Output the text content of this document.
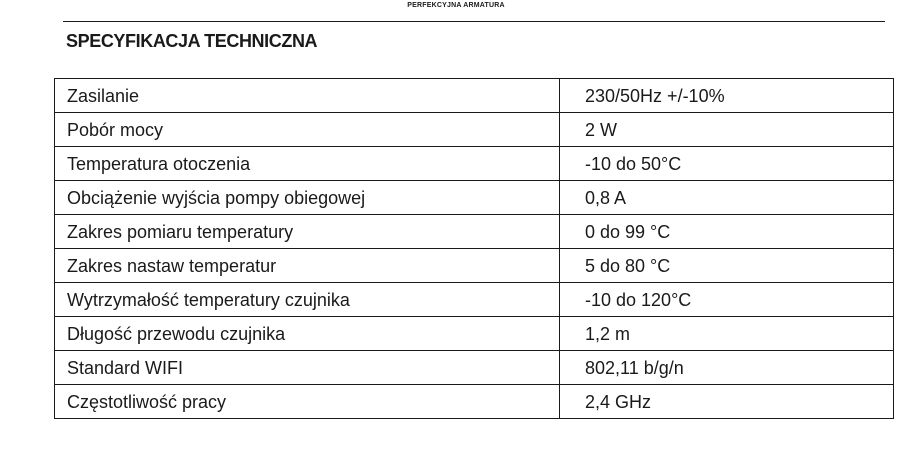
PERFEKCYJNA ARMATURA
SPECYFIKACJA TECHNICZNA
Zasilanie	230/50Hz +/-10%
Pobór mocy	2 W
Temperatura otoczenia	-10 do 50°C
Obciążenie wyjścia pompy obiegowej	0,8 A
Zakres pomiaru temperatury	0 do 99 °C
Zakres nastaw temperatur	5 do 80 °C
Wytrzymałość temperatury czujnika	-10 do 120°C
Długość przewodu czujnika	1,2 m
Standard WIFI	802,11 b/g/n
Częstotliwość pracy	2,4 GHz
